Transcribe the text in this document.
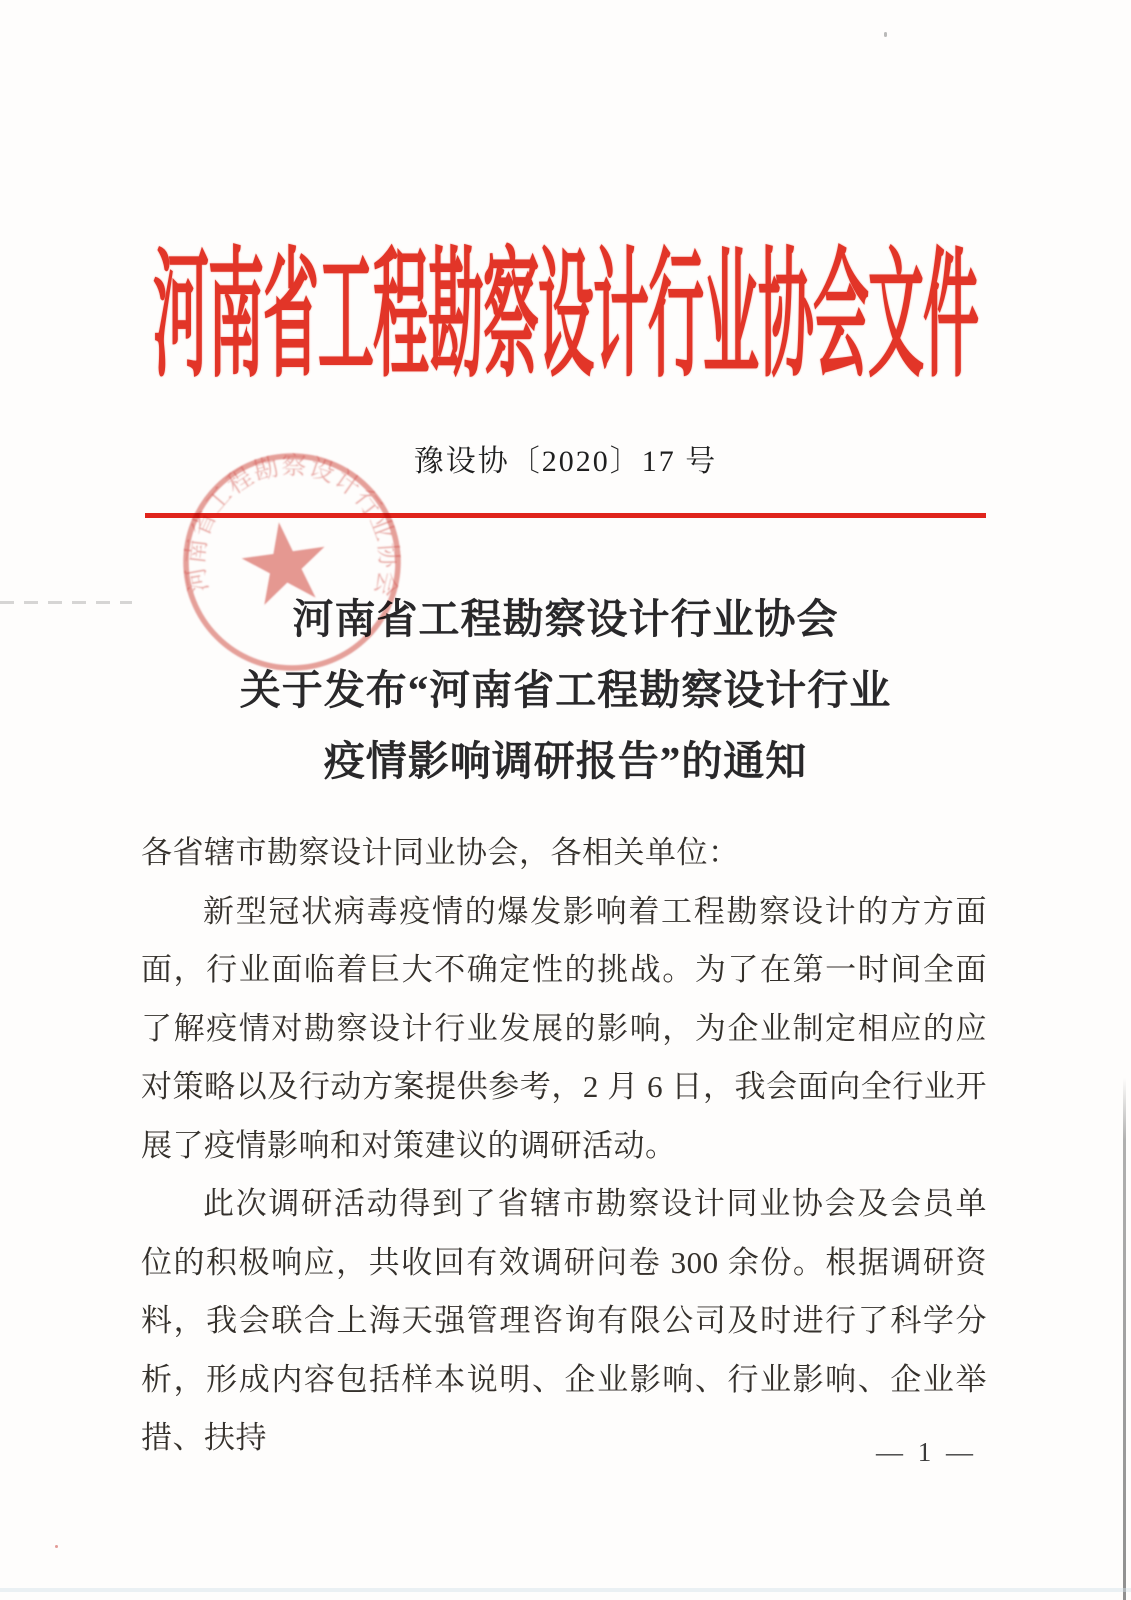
河南省工程勘察设计行业协会文件
豫设协〔2020〕17 号
河南省工程勘察设计行业协会
关于发布“河南省工程勘察设计行业
疫情影响调研报告”的通知
各省辖市勘察设计同业协会，各相关单位：

新型冠状病毒疫情的爆发影响着工程勘察设计的方方面面，行业面临着巨大不确定性的挑战。为了在第一时间全面了解疫情对勘察设计行业发展的影响，为企业制定相应的应对策略以及行动方案提供参考，2 月 6 日，我会面向全行业开展了疫情影响和对策建议的调研活动。

此次调研活动得到了省辖市勘察设计同业协会及会员单位的积极响应，共收回有效调研问卷 300 余份。根据调研资料，我会联合上海天强管理咨询有限公司及时进行了科学分析，形成内容包括样本说明、企业影响、行业影响、企业举措、扶持	— 1 —
河南省工程勘察设计行业协会
